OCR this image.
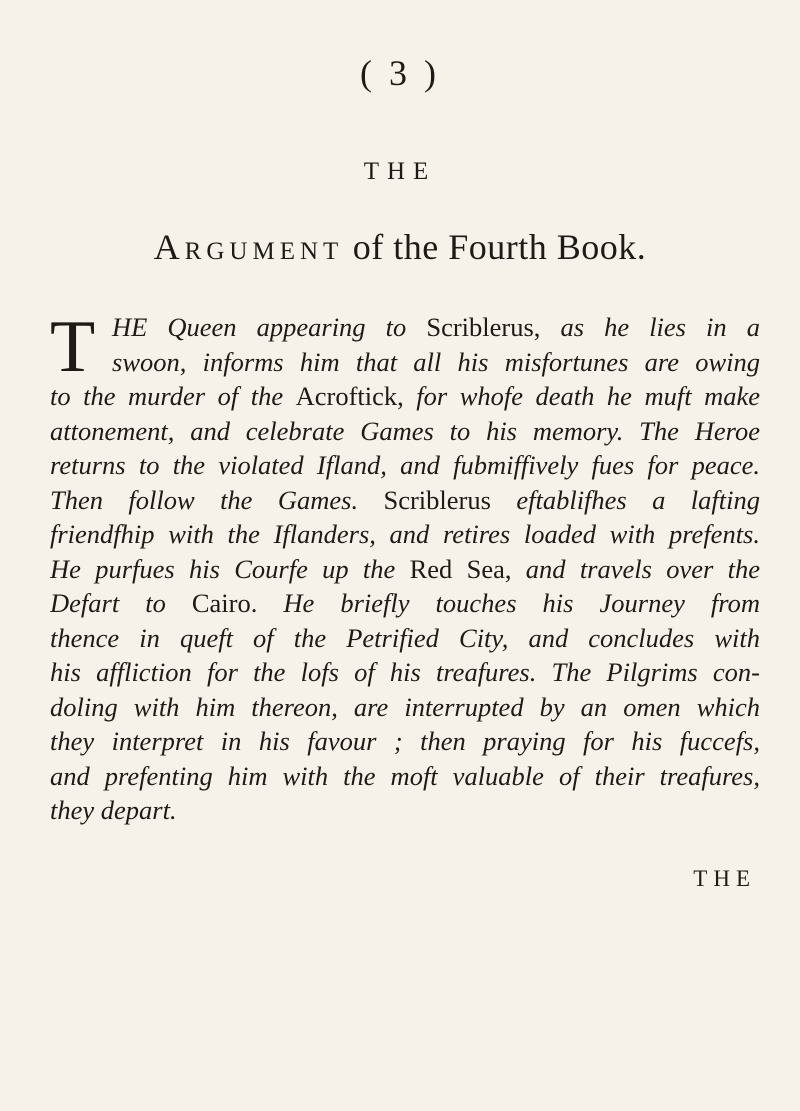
( 3 )
THE
Argument of the Fourth Book.
T HE Queen appearing to Scriblerus, as he lies in a
swoon, informs him that all his misfortunes are owing
to the murder of the Acroftick, for whofe death he muft make
attonement, and celebrate Games to his memory. The Heroe
returns to the violated Ifland, and fubmiffively fues for peace.
Then follow the Games. Scriblerus eftablifhes a lafting
friendfhip with the Iflanders, and retires loaded with prefents.
He purfues his Courfe up the Red Sea, and travels over the
Defart to Cairo. He briefly touches his Journey from
thence in queft of the Petrified City, and concludes with
his affliction for the lofs of his treafures. The Pilgrims con-
doling with him thereon, are interrupted by an omen which
they interpret in his favour ; then praying for his fuccefs,
and prefenting him with the moft valuable of their treafures,
they depart.
THE
